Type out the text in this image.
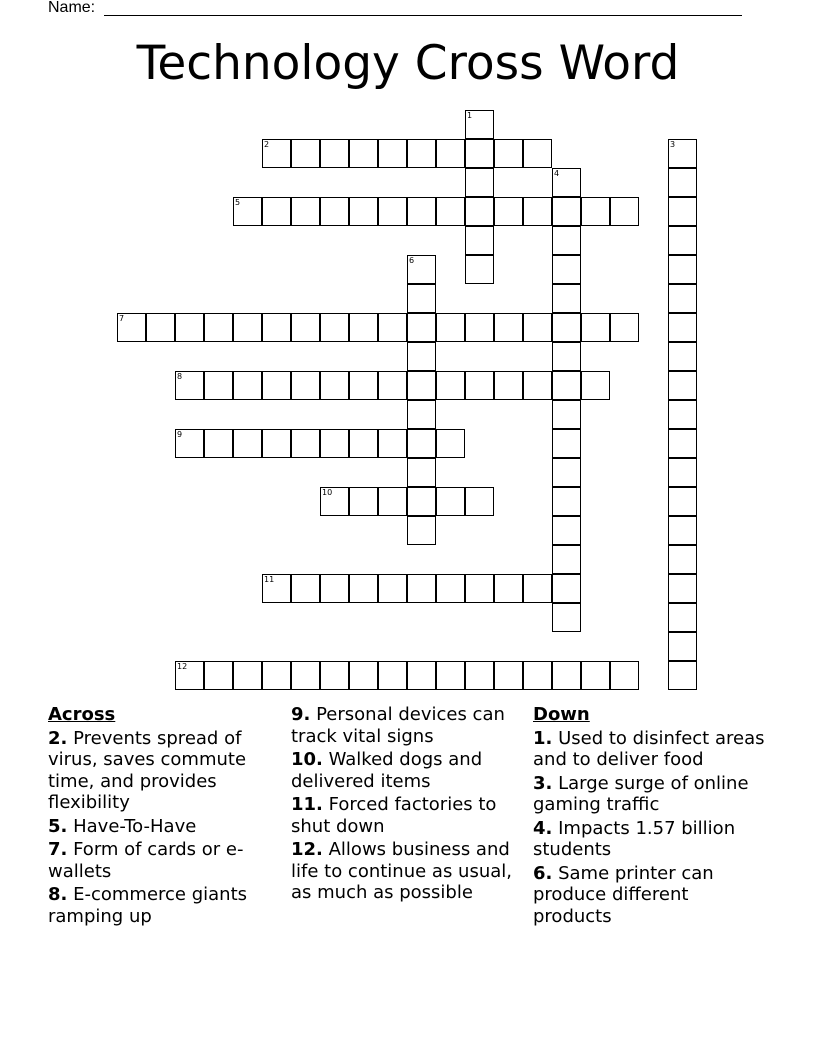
Name:
Technology Cross Word
1
2	3
4
5
6
7
8
9
10
11
12
Across
2. Prevents spread of virus, saves commute time, and provides flexibility
5. Have-To-Have
7. Form of cards or e-wallets
8. E-commerce giants ramping up
9. Personal devices can track vital signs
10. Walked dogs and delivered items
11. Forced factories to shut down
12. Allows business and life to continue as usual, as much as possible
Down
1. Used to disinfect areas and to deliver food
3. Large surge of online gaming traffic
4. Impacts 1.57 billion students
6. Same printer can produce different products
